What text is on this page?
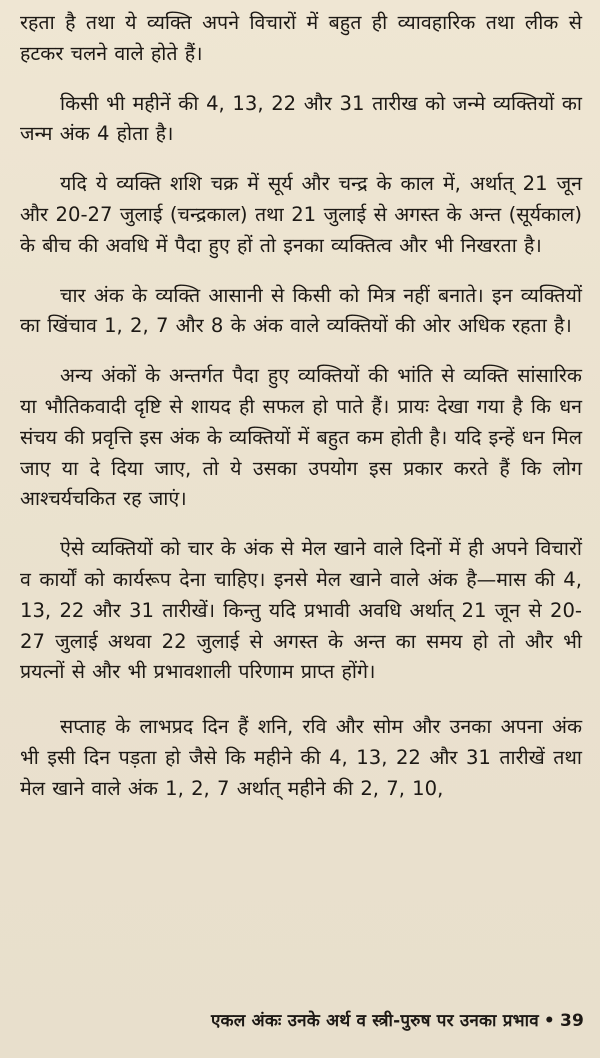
रहता है तथा ये व्यक्ति अपने विचारों में बहुत ही व्यावहारिक तथा लीक से हटकर चलने वाले होते हैं।

किसी भी महीनें की 4, 13, 22 और 31 तारीख को जन्मे व्यक्तियों का जन्म अंक 4 होता है।

यदि ये व्यक्ति शशि चक्र में सूर्य और चन्द्र के काल में, अर्थात् 21 जून और 20-27 जुलाई (चन्द्रकाल) तथा 21 जुलाई से अगस्त के अन्त (सूर्यकाल) के बीच की अवधि में पैदा हुए हों तो इनका व्यक्तित्व और भी निखरता है।

चार अंक के व्यक्ति आसानी से किसी को मित्र नहीं बनाते। इन व्यक्तियों का खिंचाव 1, 2, 7 और 8 के अंक वाले व्यक्तियों की ओर अधिक रहता है।

अन्य अंकों के अन्तर्गत पैदा हुए व्यक्तियों की भांति से व्यक्ति सांसारिक या भौतिकवादी दृष्टि से शायद ही सफल हो पाते हैं। प्रायः देखा गया है कि धन संचय की प्रवृत्ति इस अंक के व्यक्तियों में बहुत कम होती है। यदि इन्हें धन मिल जाए या दे दिया जाए, तो ये उसका उपयोग इस प्रकार करते हैं कि लोग आश्चर्यचकित रह जाएं।

ऐसे व्यक्तियों को चार के अंक से मेल खाने वाले दिनों में ही अपने विचारों व कार्यों को कार्यरूप देना चाहिए। इनसे मेल खाने वाले अंक है—मास की 4, 13, 22 और 31 तारीखें। किन्तु यदि प्रभावी अवधि अर्थात् 21 जून से 20-27 जुलाई अथवा 22 जुलाई से अगस्त के अन्त का समय हो तो और भी प्रयत्नों से और भी प्रभावशाली परिणाम प्राप्त होंगे।

सप्ताह के लाभप्रद दिन हैं शनि, रवि और सोम और उनका अपना अंक भी इसी दिन पड़ता हो जैसे कि महीने की 4, 13, 22 और 31 तारीखें तथा मेल खाने वाले अंक 1, 2, 7 अर्थात् महीने की 2, 7, 10,

एकल अंकः उनके अर्थ व स्त्री-पुरुष पर उनका प्रभाव • 39
